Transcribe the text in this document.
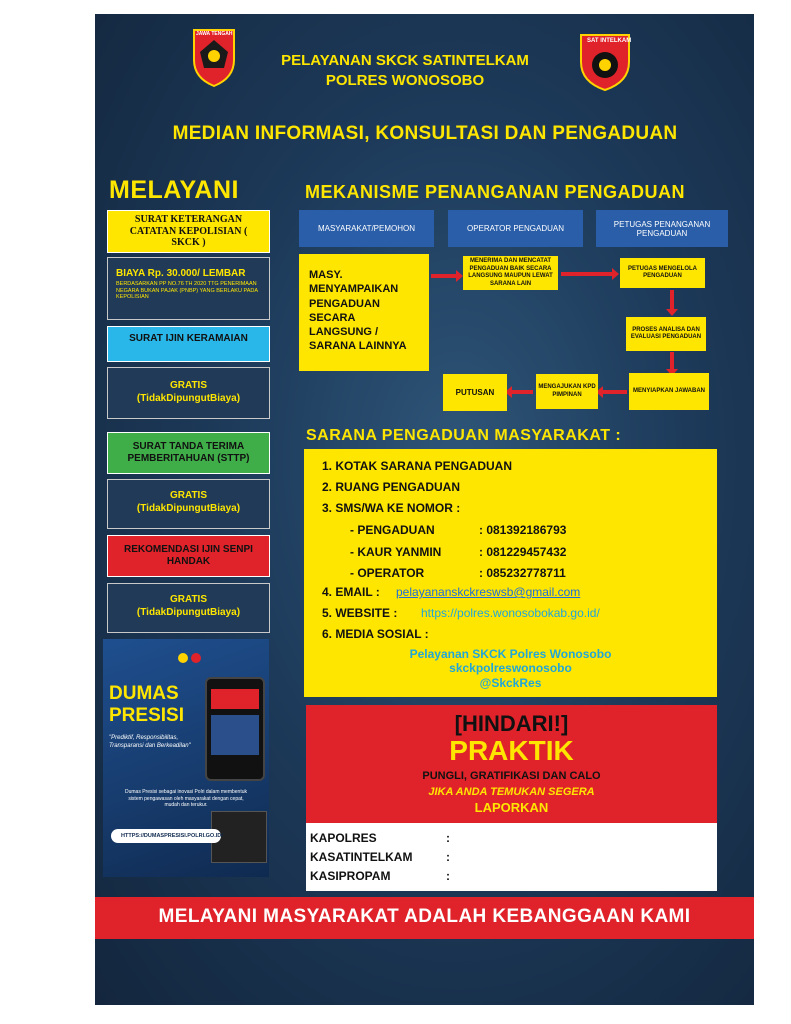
JAWA TENGAH
SAT INTELKAM
PELAYANAN SKCK SATINTELKAM
POLRES WONOSOBO
MEDIAN INFORMASI, KONSULTASI DAN PENGADUAN
MELAYANI
SURAT KETERANGAN CATATAN KEPOLISIAN ( SKCK )
BIAYA Rp. 30.000/ LEMBAR
BERDASARKAN PP NO.76 TH 2020 TTG PENERIMAAN NEGARA BUKAN PAJAK (PNBP) YANG BERLAKU PADA KEPOLISIAN
SURAT IJIN KERAMAIAN
GRATIS
(TidakDipungutBiaya)
SURAT TANDA TERIMA PEMBERITAHUAN (STTP)
GRATIS
(TidakDipungutBiaya)
REKOMENDASI IJIN SENPI HANDAK
GRATIS
(TidakDipungutBiaya)
DUMAS
PRESISI
"Prediktif, Responsibilitas, Transparansi dan Berkeadilan"
Dumas Presisi sebagai inovasi Polri dalam membentuk sistem pengawasan oleh masyarakat dengan cepat, mudah dan terukur.
HTTPS://DUMASPRESISI.POLRI.GO.ID/
MEKANISME PENANGANAN PENGADUAN
MASYARAKAT/PEMOHON	OPERATOR PENGADUAN	PETUGAS PENANGANAN PENGADUAN
MASY.
MENYAMPAIKAN
PENGADUAN
SECARA
LANGSUNG /
SARANA LAINNYA
MENERIMA DAN MENCATAT PENGADUAN BAIK SECARA LANGSUNG MAUPUN LEWAT SARANA LAIN
PETUGAS MENGELOLA PENGADUAN
PROSES ANALISA DAN EVALUASI PENGADUAN
MENYIAPKAN JAWABAN
MENGAJUKAN KPD PIMPINAN
PUTUSAN
SARANA PENGADUAN MASYARAKAT :
1. KOTAK SARANA PENGADUAN
2. RUANG PENGADUAN
3. SMS/WA KE NOMOR :
- PENGADUAN	: 081392186793
- KAUR YANMIN	: 081229457432
- OPERATOR	: 085232778711
4. EMAIL : pelayananskckreswsb@gmail.com
5. WEBSITE : https://polres.wonosobokab.go.id/
6. MEDIA SOSIAL :
Pelayanan SKCK Polres Wonosobo
skckpolreswonosobo
@SkckRes
[HINDARI!]
PRAKTIK
PUNGLI, GRATIFIKASI DAN CALO
JIKA ANDA TEMUKAN SEGERA
LAPORKAN
KAPOLRES	:
KASATINTELKAM	:
KASIPROPAM	:
MELAYANI MASYARAKAT ADALAH KEBANGGAAN KAMI
